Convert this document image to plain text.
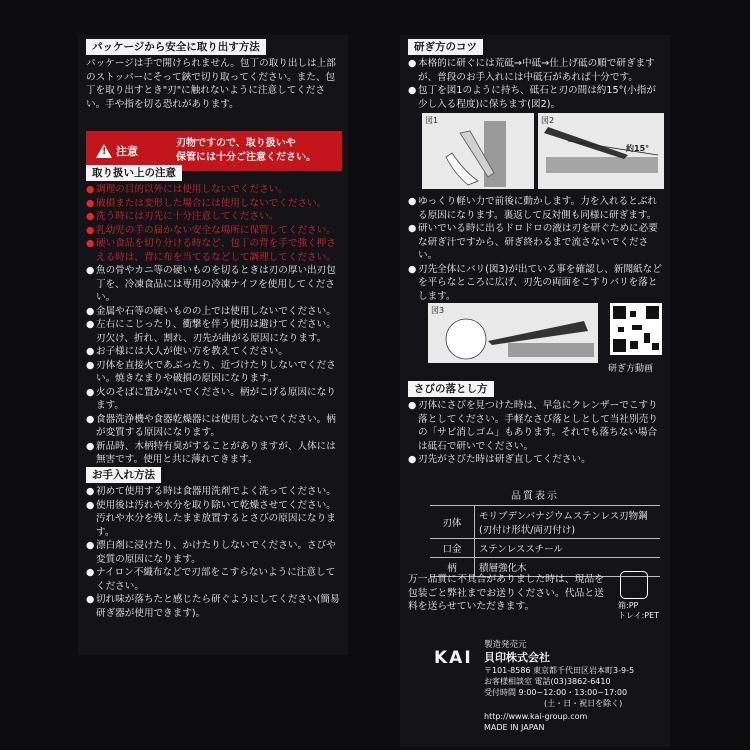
パッケージから安全に取り出す方法
パッケージは手で開けられません。包丁の取り出しは上部のストッパーにそって鋏で切り取ってください。また、包丁を取り出すとき"刃"に触れないように注意してください。手や指を切る恐れがあります。
! 注意
刃物ですので、取り扱いや
保管には十分ご注意ください。
取り扱い上の注意
● 調理の目的以外には使用しないでください。
● 破損または変形した場合には使用しないでください。
● 洗う時には刃先に十分注意してください。
● 乳幼児の手の届かない安全な場所に保管してください。
● 硬い食品を切り分ける時など、包丁の背を手で強く押さえる時は、背に布を当てるなどして調理してください。
● 魚の骨やカニ等の硬いものを切るときは刃の厚い出刃包丁を、冷凍食品には専用の冷凍ナイフを使用してください。
● 金属や石等の硬いものの上では使用しないでください。
● 左右にこじったり、衝撃を伴う使用は避けてください。刃欠け、折れ、割れ、刃先が曲がる原因になります。
● お子様には大人が使い方を教えてください。
● 刃体を直接火であぶったり、近づけたりしないでください。焼きなまりや破損の原因になります。
● 火のそばに置かないでください。柄がこげる原因になります。
● 食器洗浄機や食器乾燥器には使用しないでください。柄が変質する原因になります。
● 新品時、木柄特有臭がすることがありますが、人体には無害です。使用と共に薄れてきます。
お手入れ方法
● 初めて使用する時は食器用洗剤でよく洗ってください。
● 使用後は汚れや水分を取り除いて乾燥させてください。汚れや水分を残したまま放置するとさびの原因になります。
● 漂白剤に浸けたり、かけたりしないでください。さびや変質の原因になります。
● ナイロン不織布などで刃部をこすらないように注意してください。
● 切れ味が落ちたと感じたら研ぐようにしてください(簡易研ぎ器が使用できます)。
研ぎ方のコツ
● 本格的に研ぐには荒砥→中砥→仕上げ砥の順で研ぎますが、普段のお手入れには中砥石があれば十分です。
● 包丁を図1のように持ち、砥石と刃の間は約15°(小指が少し入る程度)に保ちます(図2)。
図1	図2
約15°
● ゆっくり軽い力で前後に動かします。力を入れるとぶれる原因になります。裏返して反対側も同様に研ぎます。
● 研いでいる時に出るドロドロの液は刃を研ぐために必要な研ぎ汁ですから、研ぎ終わるまで流さないでください。
● 刃先全体にバリ(図3)が出ている事を確認し、新聞紙などを平らなところに広げ、刃先の両面をこすりバリを落とします。
図3
研ぎ方動画
さびの落とし方
● 刃体にさびを見つけた時は、早急にクレンザーでこすり落としてください。手軽なさび落としとして当社別売りの「サビ消しゴム」もあります。それでも落ちない場合は砥石で研いでください。
● 刃先がさびた時は研ぎ直してください。
品質表示
刃体	モリブデンバナジウムステンレス刃物鋼(刃付け形状/両刃付け)
口金	ステンレススチール
柄	積層強化木
万一品質に不具合がありました時は、現品を包装ごと弊社までお送りください。代品と送料を送らせていただきます。	箱:PP
トレイ:PET
製造発売元
KAI 貝印株式会社
〒101-8586 東京都千代田区岩本町3-9-5
お客様相談室 電話(03)3862-6410
受付時間 9:00~12:00・13:00~17:00
(土・日・祝日を除く)
http://www.kai-group.com
MADE IN JAPAN
